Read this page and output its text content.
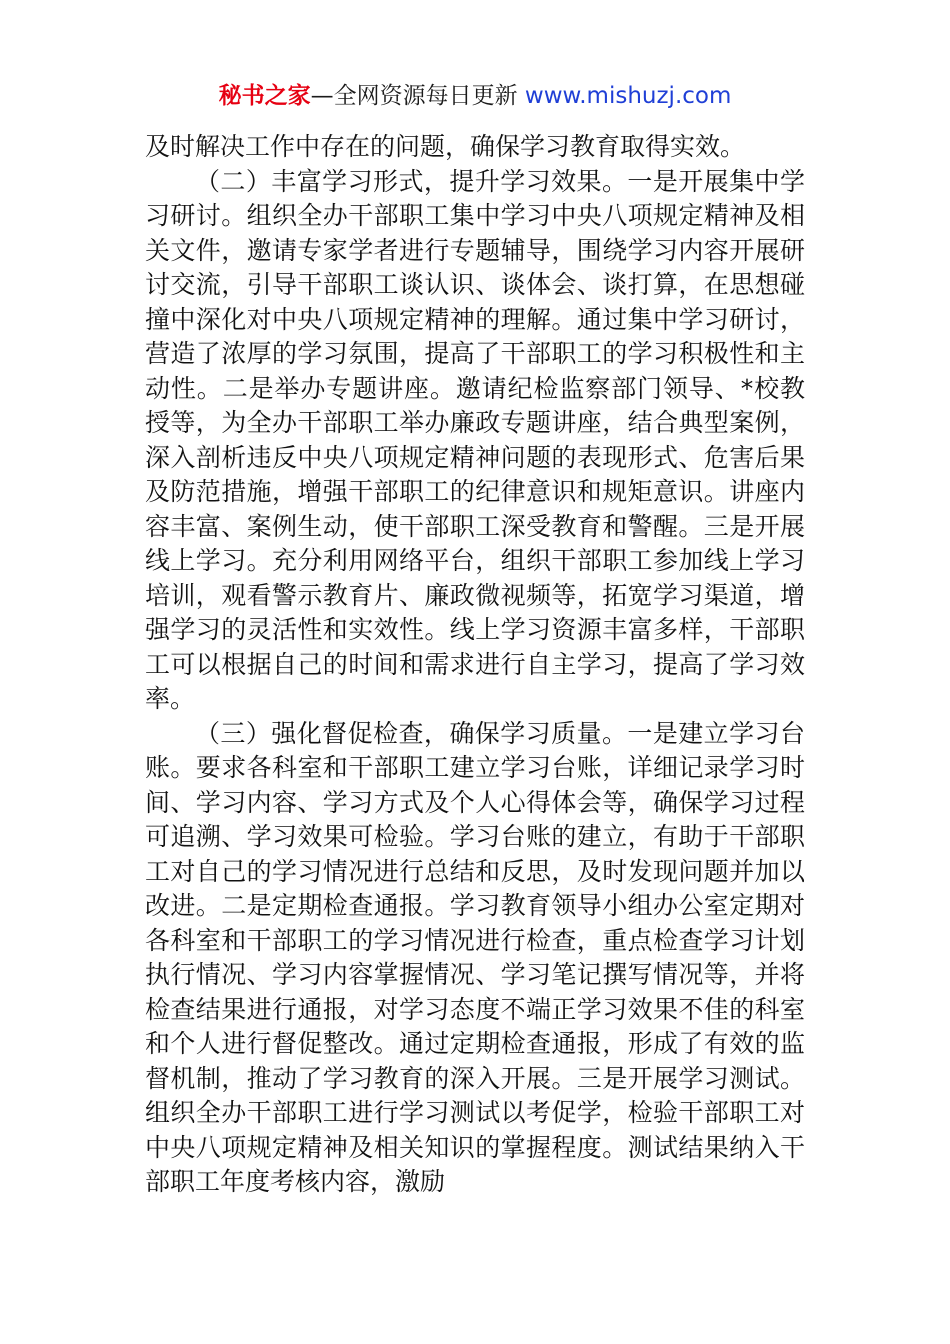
秘书之家—全网资源每日更新 www.mishuzj.com

及时解决工作中存在的问题，确保学习教育取得实效。

（二）丰富学习形式，提升学习效果。一是开展集中学习研讨。组织全办干部职工集中学习中央八项规定精神及相关文件，邀请专家学者进行专题辅导，围绕学习内容开展研讨交流，引导干部职工谈认识、谈体会、谈打算，在思想碰撞中深化对中央八项规定精神的理解。通过集中学习研讨，营造了浓厚的学习氛围，提高了干部职工的学习积极性和主动性。二是举办专题讲座。邀请纪检监察部门领导、*校教授等，为全办干部职工举办廉政专题讲座，结合典型案例，深入剖析违反中央八项规定精神问题的表现形式、危害后果及防范措施，增强干部职工的纪律意识和规矩意识。讲座内容丰富、案例生动，使干部职工深受教育和警醒。三是开展线上学习。充分利用网络平台，组织干部职工参加线上学习培训，观看警示教育片、廉政微视频等，拓宽学习渠道，增强学习的灵活性和实效性。线上学习资源丰富多样，干部职工可以根据自己的时间和需求进行自主学习，提高了学习效率。

（三）强化督促检查，确保学习质量。一是建立学习台账。要求各科室和干部职工建立学习台账，详细记录学习时间、学习内容、学习方式及个人心得体会等，确保学习过程可追溯、学习效果可检验。学习台账的建立，有助于干部职工对自己的学习情况进行总结和反思，及时发现问题并加以改进。二是定期检查通报。学习教育领导小组办公室定期对各科室和干部职工的学习情况进行检查，重点检查学习计划执行情况、学习内容掌握情况、学习笔记撰写情况等，并将检查结果进行通报，对学习态度不端正学习效果不佳的科室和个人进行督促整改。通过定期检查通报，形成了有效的监督机制，推动了学习教育的深入开展。三是开展学习测试。组织全办干部职工进行学习测试以考促学，检验干部职工对中央八项规定精神及相关知识的掌握程度。测试结果纳入干部职工年度考核内容，激励
